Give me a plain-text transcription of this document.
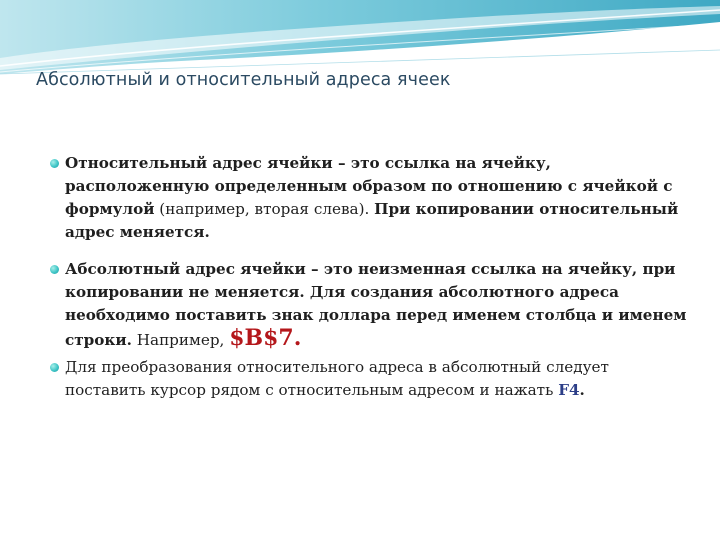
Абсолютный и относительный адреса ячеек
Относительный адрес ячейки – это ссылка на ячейку, расположенную определенным образом по отношению с ячейкой с формулой (например, вторая слева). При копировании относительный адрес меняется.
Абсолютный адрес ячейки – это неизменная ссылка на ячейку, при копировании не меняется. Для создания абсолютного адреса необходимо поставить знак доллара перед именем столбца и именем строки. Например, $B$7.
Для преобразования относительного адреса в абсолютный следует поставить курсор рядом с относительным адресом и нажать F4.
